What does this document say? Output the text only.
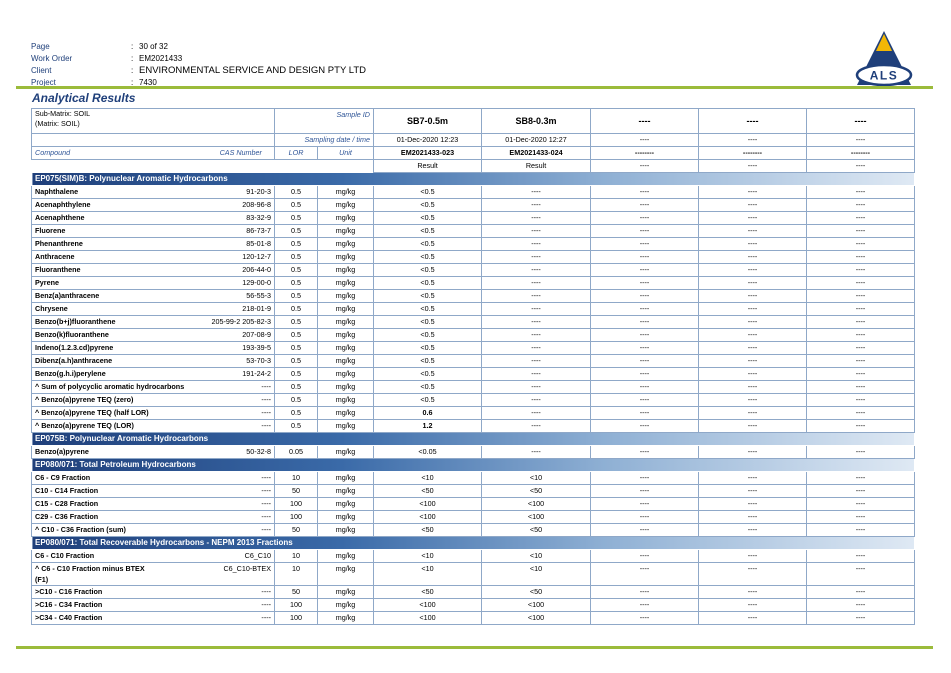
Page	: 30 of 32
Work Order	: EM2021433
Client	: ENVIRONMENTAL SERVICE AND DESIGN PTY LTD
Project	: 7430	ALS
Analytical Results
Sub-Matrix: SOIL
(Matrix: SOIL)		Sample ID		SB7-0.5m	SB8-0.3m	----	----	----

		Sampling date / time		01-Dec-2020 12:23	01-Dec-2020 12:27	----	----	----
Compound	CAS Number	LOR	Unit	EM2021433-023	EM2021433-024	--------	--------	--------
				Result	Result	----	----	----
EP075(SIM)B: Polynuclear Aromatic Hydrocarbons								
Naphthalene	91-20-3	0.5	mg/kg	<0.5	----	----	----	----
Acenaphthylene	208-96-8	0.5	mg/kg	<0.5	----	----	----	----
Acenaphthene	83-32-9	0.5	mg/kg	<0.5	----	----	----	----
Fluorene	86-73-7	0.5	mg/kg	<0.5	----	----	----	----
Phenanthrene	85-01-8	0.5	mg/kg	<0.5	----	----	----	----
Anthracene	120-12-7	0.5	mg/kg	<0.5	----	----	----	----
Fluoranthene	206-44-0	0.5	mg/kg	<0.5	----	----	----	----
Pyrene	129-00-0	0.5	mg/kg	<0.5	----	----	----	----
Benz(a)anthracene	56-55-3	0.5	mg/kg	<0.5	----	----	----	----
Chrysene	218-01-9	0.5	mg/kg	<0.5	----	----	----	----
Benzo(b+j)fluoranthene	205-99-2 205-82-3	0.5	mg/kg	<0.5	----	----	----	----
Benzo(k)fluoranthene	207-08-9	0.5	mg/kg	<0.5	----	----	----	----
Indeno(1.2.3.cd)pyrene	193-39-5	0.5	mg/kg	<0.5	----	----	----	----
Dibenz(a.h)anthracene	53-70-3	0.5	mg/kg	<0.5	----	----	----	----
Benzo(g.h.i)perylene	191-24-2	0.5	mg/kg	<0.5	----	----	----	----
^ Sum of polycyclic aromatic hydrocarbons	----	0.5	mg/kg	<0.5	----	----	----	----
^ Benzo(a)pyrene TEQ (zero)	----	0.5	mg/kg	<0.5	----	----	----	----
^ Benzo(a)pyrene TEQ (half LOR)	----	0.5	mg/kg	0.6	----	----	----	----
^ Benzo(a)pyrene TEQ (LOR)	----	0.5	mg/kg	1.2	----	----	----	----
EP075B: Polynuclear Aromatic Hydrocarbons								
Benzo(a)pyrene	50-32-8	0.05	mg/kg	<0.05	----	----	----	----
EP080/071: Total Petroleum Hydrocarbons								
C6 - C9 Fraction	----	10	mg/kg	<10	<10	----	----	----
C10 - C14 Fraction	----	50	mg/kg	<50	<50	----	----	----
C15 - C28 Fraction	----	100	mg/kg	<100	<100	----	----	----
C29 - C36 Fraction	----	100	mg/kg	<100	<100	----	----	----
^ C10 - C36 Fraction (sum)	----	50	mg/kg	<50	<50	----	----	----
EP080/071: Total Recoverable Hydrocarbons - NEPM 2013 Fractions								
C6 - C10 Fraction	C6_C10	10	mg/kg	<10	<10	----	----	----

^ C6 - C10 Fraction minus BTEX
(F1)	C6_C10-BTEX	10	mg/kg	<10	<10	----	----	----
>C10 - C16 Fraction	----	50	mg/kg	<50	<50	----	----	----
>C16 - C34 Fraction	----	100	mg/kg	<100	<100	----	----	----
>C34 - C40 Fraction	----	100	mg/kg	<100	<100	----	----	----
